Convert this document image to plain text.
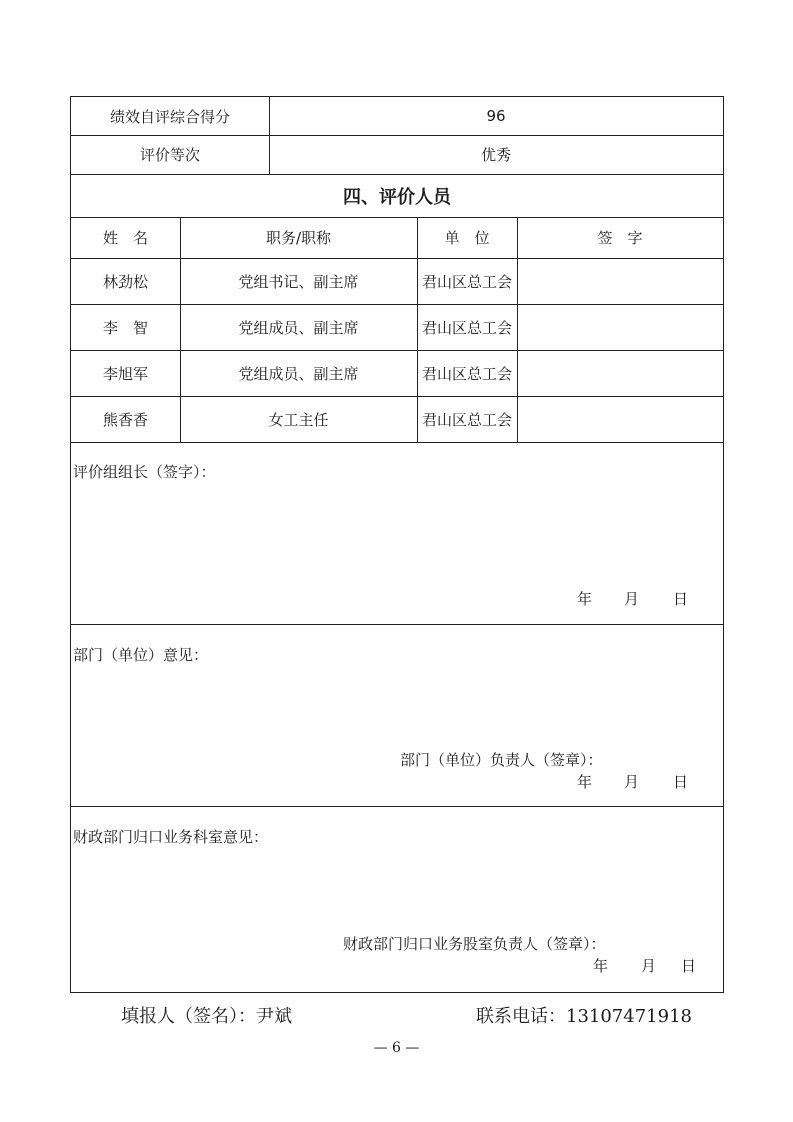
绩效自评综合得分	96
评价等次	优秀
四、评价人员
姓　名	职务/职称	单　位	签　字
林劲松	党组书记、副主席	君山区总工会
李　智	党组成员、副主席	君山区总工会
李旭军	党组成员、副主席	君山区总工会
熊香香	女工主任	君山区总工会
评价组组长（签字）：
年 月 日
部门（单位）意见：
部门（单位）负责人（签章）：
年 月 日
财政部门归口业务科室意见：
财政部门归口业务股室负责人（签章）：
年 月 日
填报人（签名）：尹斌	联系电话：13107471918
— 6 —
